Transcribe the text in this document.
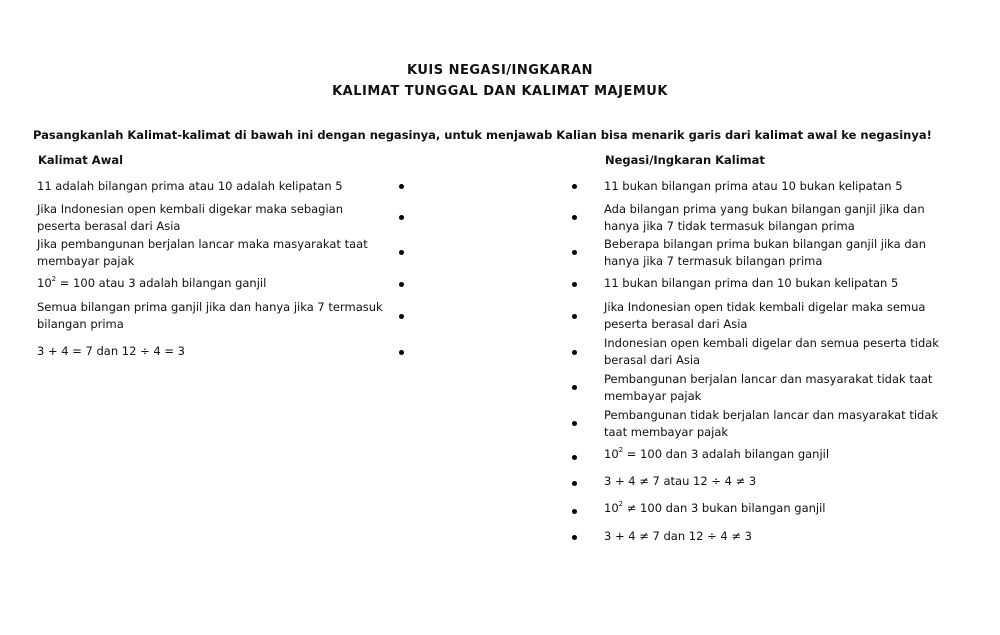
KUIS NEGASI/INGKARAN
KALIMAT TUNGGAL DAN KALIMAT MAJEMUK
Pasangkanlah Kalimat-kalimat di bawah ini dengan negasinya, untuk menjawab Kalian bisa menarik garis dari kalimat awal ke negasinya!
Kalimat Awal	Negasi/Ingkaran Kalimat
11 adalah bilangan prima atau 10 adalah kelipatan 5
Jika Indonesian open kembali digekar maka sebagian
peserta berasal dari Asia
Jika pembangunan berjalan lancar maka masyarakat taat
membayar pajak
$10^2 = 100$ atau 3 adalah bilangan ganjil
Semua bilangan prima ganjil jika dan hanya jika 7 termasuk
bilangan prima
3 + 4 = 7 dan 12 ÷ 4 = 3
11 bukan bilangan prima atau 10 bukan kelipatan 5
Ada bilangan prima yang bukan bilangan ganjil jika dan
hanya jika 7 tidak termasuk bilangan prima
Beberapa bilangan prima bukan bilangan ganjil jika dan
hanya jika 7 termasuk bilangan prima
11 bukan bilangan prima dan 10 bukan kelipatan 5
Jika Indonesian open tidak kembali digelar maka semua
peserta berasal dari Asia
Indonesian open kembali digelar dan semua peserta tidak
berasal dari Asia
Pembangunan berjalan lancar dan masyarakat tidak taat
membayar pajak
Pembangunan tidak berjalan lancar dan masyarakat tidak
taat membayar pajak
$10^2 = 100$ dan 3 adalah bilangan ganjil
3 + 4 ≠ 7 atau 12 ÷ 4 ≠ 3
$10^2 \ne 100$ dan 3 bukan bilangan ganjil
3 + 4 ≠ 7 dan 12 ÷ 4 ≠ 3
